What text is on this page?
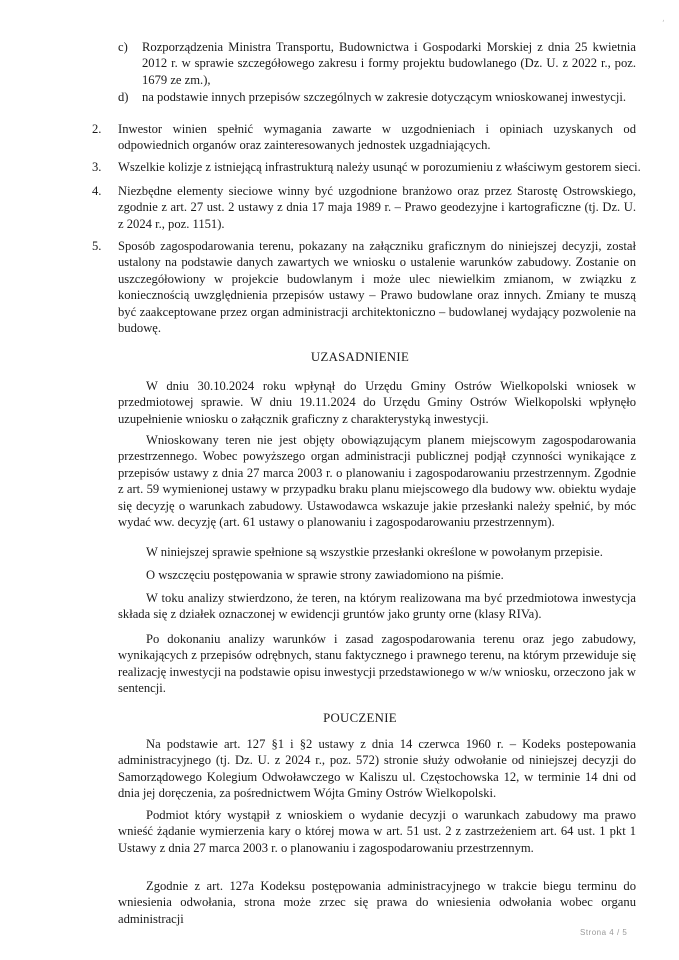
,
c) Rozporządzenia Ministra Transportu, Budownictwa i Gospodarki Morskiej z dnia 25 kwietnia 2012 r. w sprawie szczegółowego zakresu i formy projektu budowlanego (Dz. U. z 2022 r., poz. 1679 ze zm.),
d) na podstawie innych przepisów szczególnych w zakresie dotyczącym wnioskowanej inwestycji.
2. Inwestor winien spełnić wymagania zawarte w uzgodnieniach i opiniach uzyskanych od odpowiednich organów oraz zainteresowanych jednostek uzgadniających.
3. Wszelkie kolizje z istniejącą infrastrukturą należy usunąć w porozumieniu z właściwym gestorem sieci.
4. Niezbędne elementy sieciowe winny być uzgodnione branżowo oraz przez Starostę Ostrowskiego, zgodnie z art. 27 ust. 2 ustawy z dnia 17 maja 1989 r. – Prawo geodezyjne i kartograficzne (tj. Dz. U. z 2024 r., poz. 1151).
5. Sposób zagospodarowania terenu, pokazany na załączniku graficznym do niniejszej decyzji, został ustalony na podstawie danych zawartych we wniosku o ustalenie warunków zabudowy. Zostanie on uszczegółowiony w projekcie budowlanym i może ulec niewielkim zmianom, w związku z koniecznością uwzględnienia przepisów ustawy – Prawo budowlane oraz innych. Zmiany te muszą być zaakceptowane przez organ administracji architektoniczno – budowlanej wydający pozwolenie na budowę.
UZASADNIENIE
W dniu 30.10.2024 roku wpłynął do Urzędu Gminy Ostrów Wielkopolski wniosek w przedmiotowej sprawie. W dniu 19.11.2024 do Urzędu Gminy Ostrów Wielkopolski wpłynęło uzupełnienie wniosku o załącznik graficzny z charakterystyką inwestycji.
Wnioskowany teren nie jest objęty obowiązującym planem miejscowym zagospodarowania przestrzennego. Wobec powyższego organ administracji publicznej podjął czynności wynikające z przepisów ustawy z dnia 27 marca 2003 r. o planowaniu i zagospodarowaniu przestrzennym. Zgodnie z art. 59 wymienionej ustawy w przypadku braku planu miejscowego dla budowy ww. obiektu wydaje się decyzję o warunkach zabudowy. Ustawodawca wskazuje jakie przesłanki należy spełnić, by móc wydać ww. decyzję (art. 61 ustawy o planowaniu i zagospodarowaniu przestrzennym).
W niniejszej sprawie spełnione są wszystkie przesłanki określone w powołanym przepisie.
O wszczęciu postępowania w sprawie strony zawiadomiono na piśmie.
W toku analizy stwierdzono, że teren, na którym realizowana ma być przedmiotowa inwestycja składa się z działek oznaczonej w ewidencji gruntów jako grunty orne (klasy RIVa).
Po dokonaniu analizy warunków i zasad zagospodarowania terenu oraz jego zabudowy, wynikających z przepisów odrębnych, stanu faktycznego i prawnego terenu, na którym przewiduje się realizację inwestycji na podstawie opisu inwestycji przedstawionego w w/w wniosku, orzeczono jak w sentencji.
POUCZENIE
Na podstawie art. 127 §1 i §2 ustawy z dnia 14 czerwca 1960 r. – Kodeks postepowania administracyjnego (tj. Dz. U. z 2024 r., poz. 572) stronie służy odwołanie od niniejszej decyzji do Samorządowego Kolegium Odwoławczego w Kaliszu ul. Częstochowska 12, w terminie 14 dni od dnia jej doręczenia, za pośrednictwem Wójta Gminy Ostrów Wielkopolski.
Podmiot który wystąpił z wnioskiem o wydanie decyzji o warunkach zabudowy ma prawo wnieść żądanie wymierzenia kary o której mowa w art. 51 ust. 2 z zastrzeżeniem art. 64 ust. 1 pkt 1 Ustawy z dnia 27 marca 2003 r. o planowaniu i zagospodarowaniu przestrzennym.
Zgodnie z art. 127a Kodeksu postępowania administracyjnego w trakcie biegu terminu do wniesienia odwołania, strona może zrzec się prawa do wniesienia odwołania wobec organu administracji
Strona 4 / 5
